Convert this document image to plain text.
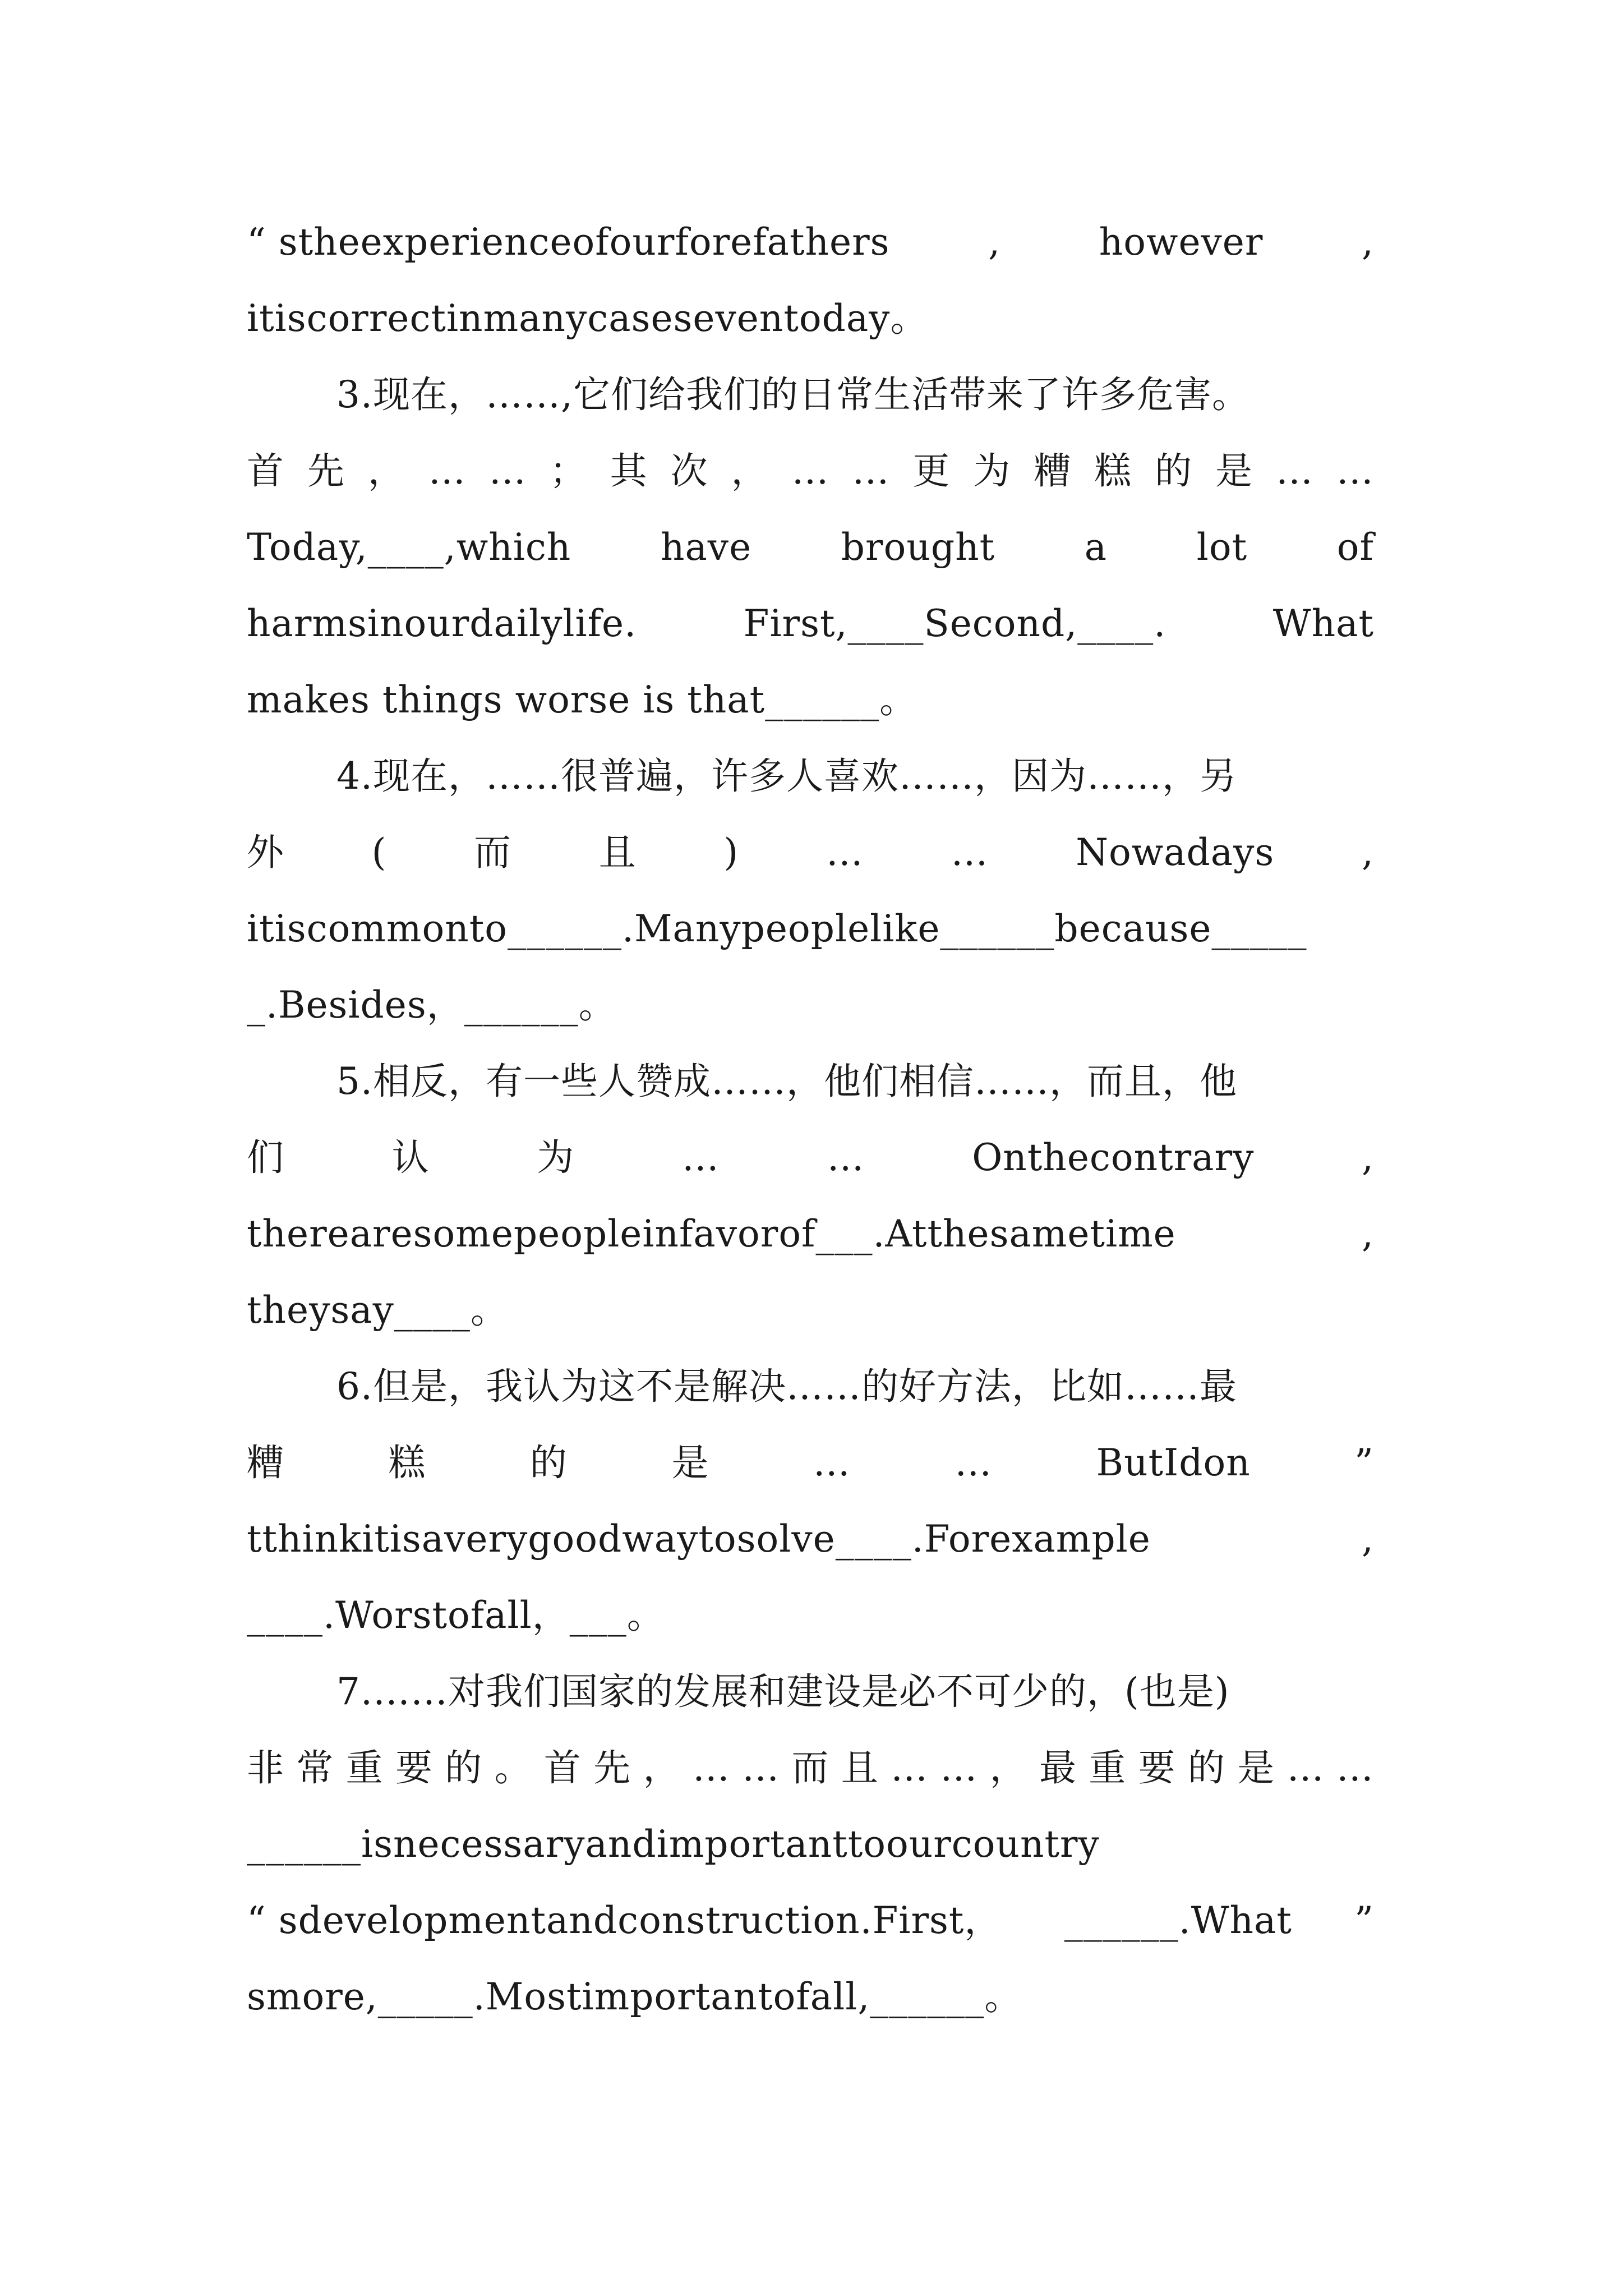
“ stheexperienceofourforefathers	,	however	,
itiscorrectinmanycaseseventoday。
3.现在，……,它们给我们的日常生活带来了许多危害。
首 先 ， … … ； 其 次 ， … … 更 为 糟 糕 的 是 … …
Today,____,which have brought a lot of
harmsinourdailylife.	First,____Second,____.	What
makes things worse is that______。
4.现在，……很普遍，许多人喜欢……，因为……，另
外 ( 而 且 ) … … Nowadays ,
itiscommonto______.Manypeoplelike______because_____
_.Besides，______。
5.相反，有一些人赞成……，他们相信……，而且，他
们	认	为	…	…	Onthecontrary	,
therearesomepeopleinfavorof___.Atthesametime	,
theysay____。
6.但是，我认为这不是解决……的好方法，比如……最
糟	糕	的	是	…	…	ButIdon	”
tthinkitisaverygoodwaytosolve____.Forexample	,
____.Worstofall，___。
7.……对我们国家的发展和建设是必不可少的，(也是)
非 常 重 要 的 。 首 先 ， … … 而 且 … … ， 最 重 要 的 是 … …
______isnecessaryandimportanttoourcountry
“ sdevelopmentandconstruction.First， ______.What ”
smore,_____.Mostimportantofall,______。
